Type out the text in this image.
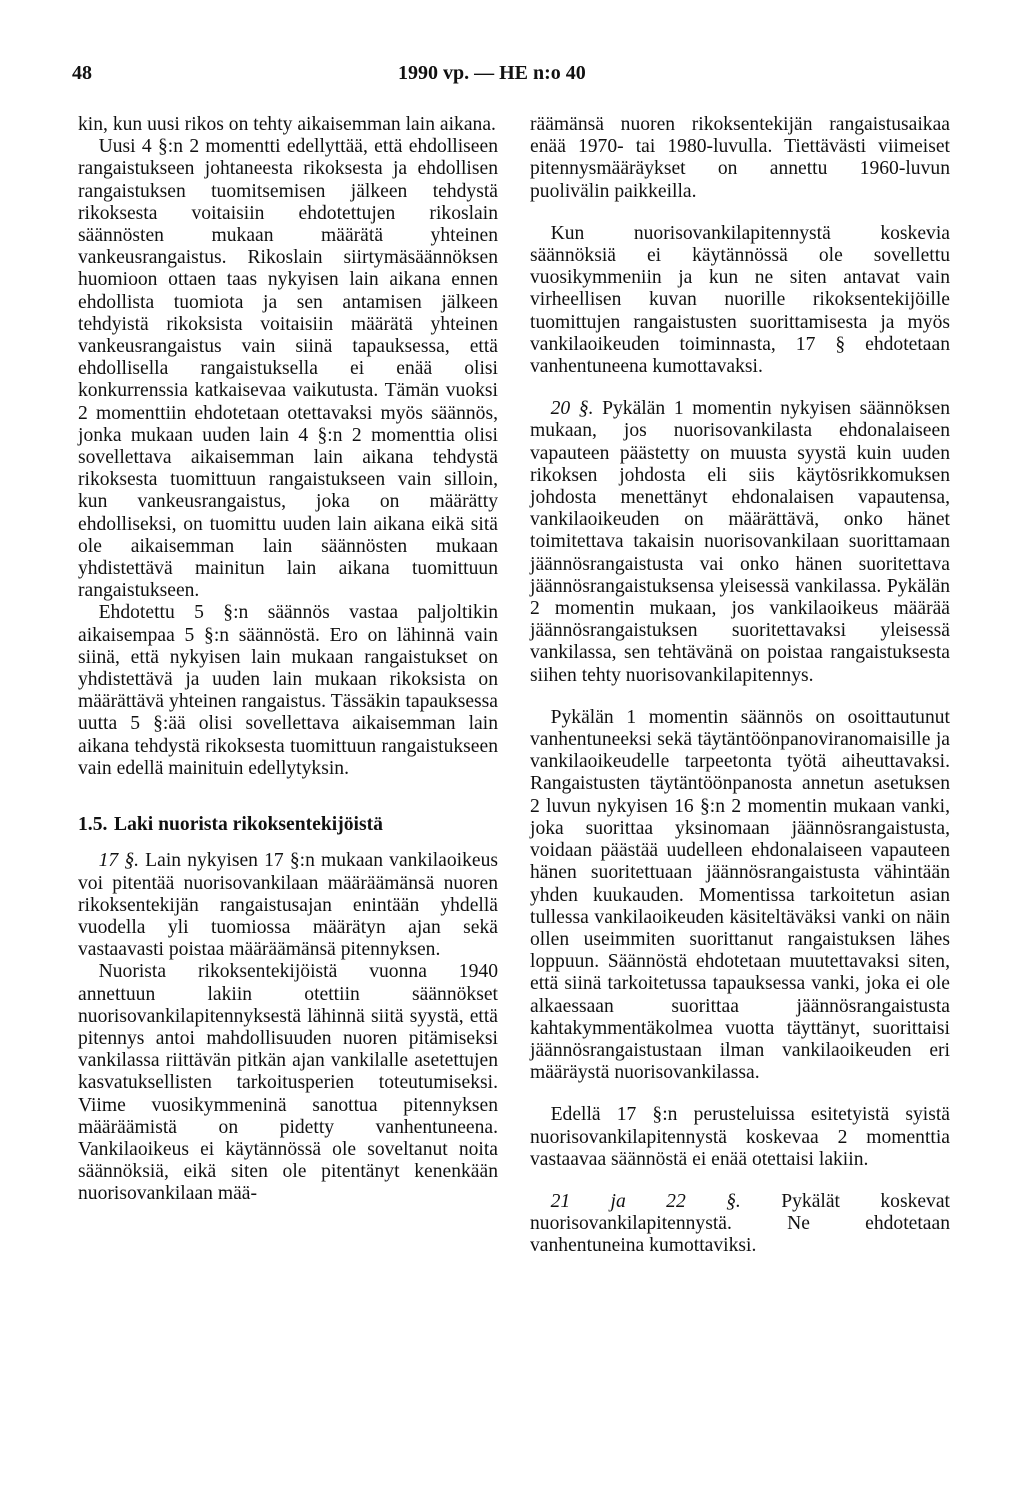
48	1990 vp. — HE n:o 40

kin, kun uusi rikos on tehty aikaisemman lain aikana.

Uusi 4 §:n 2 momentti edellyttää, että ehdolliseen rangaistukseen johtaneesta rikoksesta ja ehdollisen rangaistuksen tuomitsemisen jälkeen tehdystä rikoksesta voitaisiin ehdotettujen rikoslain säännösten mukaan määrätä yhteinen vankeusrangaistus. Rikoslain siirtymäsäännöksen huomioon ottaen taas nykyisen lain aikana ennen ehdollista tuomiota ja sen antamisen jälkeen tehdyistä rikoksista voitaisiin määrätä yhteinen vankeusrangaistus vain siinä tapauksessa, että ehdollisella rangaistuksella ei enää olisi konkurrenssia katkaisevaa vaikutusta. Tämän vuoksi 2 momenttiin ehdotetaan otettavaksi myös säännös, jonka mukaan uuden lain 4 §:n 2 momenttia olisi sovellettava aikaisemman lain aikana tehdystä rikoksesta tuomittuun rangaistukseen vain silloin, kun vankeusrangaistus, joka on määrätty ehdolliseksi, on tuomittu uuden lain aikana eikä sitä ole aikaisemman lain säännösten mukaan yhdistettävä mainitun lain aikana tuomittuun rangaistukseen.

Ehdotettu 5 §:n säännös vastaa paljoltikin aikaisempaa 5 §:n säännöstä. Ero on lähinnä vain siinä, että nykyisen lain mukaan rangaistukset on yhdistettävä ja uuden lain mukaan rikoksista on määrättävä yhteinen rangaistus. Tässäkin tapauksessa uutta 5 §:ää olisi sovellettava aikaisemman lain aikana tehdystä rikoksesta tuomittuun rangaistukseen vain edellä mainituin edellytyksin.

1.5. Laki nuorista rikoksentekijöistä

17 §. Lain nykyisen 17 §:n mukaan vankilaoikeus voi pitentää nuorisovankilaan määräämänsä nuoren rikoksentekijän rangaistusajan enintään yhdellä vuodella yli tuomiossa määrätyn ajan sekä vastaavasti poistaa määräämänsä pitennyksen.

Nuorista rikoksentekijöistä vuonna 1940 annettuun lakiin otettiin säännökset nuorisovankilapitennyksestä lähinnä siitä syystä, että pitennys antoi mahdollisuuden nuoren pitämiseksi vankilassa riittävän pitkän ajan vankilalle asetettujen kasvatuksellisten tarkoitusperien toteutumiseksi. Viime vuosikymmeninä sanottua pitennyksen määräämistä on pidetty vanhentuneena. Vankilaoikeus ei käytännössä ole soveltanut noita säännöksiä, eikä siten ole pitentänyt kenenkään nuorisovankilaan mää-

räämänsä nuoren rikoksentekijän rangaistusaikaa enää 1970- tai 1980-luvulla. Tiettävästi viimeiset pitennysmääräykset on annettu 1960-luvun puolivälin paikkeilla.

Kun nuorisovankilapitennystä koskevia säännöksiä ei käytännössä ole sovellettu vuosikymmeniin ja kun ne siten antavat vain virheellisen kuvan nuorille rikoksentekijöille tuomittujen rangaistusten suorittamisesta ja myös vankilaoikeuden toiminnasta, 17 § ehdotetaan vanhentuneena kumottavaksi.

20 §. Pykälän 1 momentin nykyisen säännöksen mukaan, jos nuorisovankilasta ehdonalaiseen vapauteen päästetty on muusta syystä kuin uuden rikoksen johdosta eli siis käytösrikkomuksen johdosta menettänyt ehdonalaisen vapautensa, vankilaoikeuden on määrättävä, onko hänet toimitettava takaisin nuorisovankilaan suorittamaan jäännösrangaistusta vai onko hänen suoritettava jäännösrangaistuksensa yleisessä vankilassa. Pykälän 2 momentin mukaan, jos vankilaoikeus määrää jäännösrangaistuksen suoritettavaksi yleisessä vankilassa, sen tehtävänä on poistaa rangaistuksesta siihen tehty nuorisovankilapitennys.

Pykälän 1 momentin säännös on osoittautunut vanhentuneeksi sekä täytäntöönpanoviranomaisille ja vankilaoikeudelle tarpeetonta työtä aiheuttavaksi. Rangaistusten täytäntöönpanosta annetun asetuksen 2 luvun nykyisen 16 §:n 2 momentin mukaan vanki, joka suorittaa yksinomaan jäännösrangaistusta, voidaan päästää uudelleen ehdonalaiseen vapauteen hänen suoritettuaan jäännösrangaistusta vähintään yhden kuukauden. Momentissa tarkoitetun asian tullessa vankilaoikeuden käsiteltäväksi vanki on näin ollen useimmiten suorittanut rangaistuksen lähes loppuun. Säännöstä ehdotetaan muutettavaksi siten, että siinä tarkoitetussa tapauksessa vanki, joka ei ole alkaessaan suorittaa jäännösrangaistusta kahtakymmentäkolmea vuotta täyttänyt, suorittaisi jäännösrangaistustaan ilman vankilaoikeuden eri määräystä nuorisovankilassa.

Edellä 17 §:n perusteluissa esitetyistä syistä nuorisovankilapitennystä koskevaa 2 momenttia vastaavaa säännöstä ei enää otettaisi lakiin.

21 ja 22 §. Pykälät koskevat nuorisovankilapitennystä. Ne ehdotetaan vanhentuneina kumottaviksi.
